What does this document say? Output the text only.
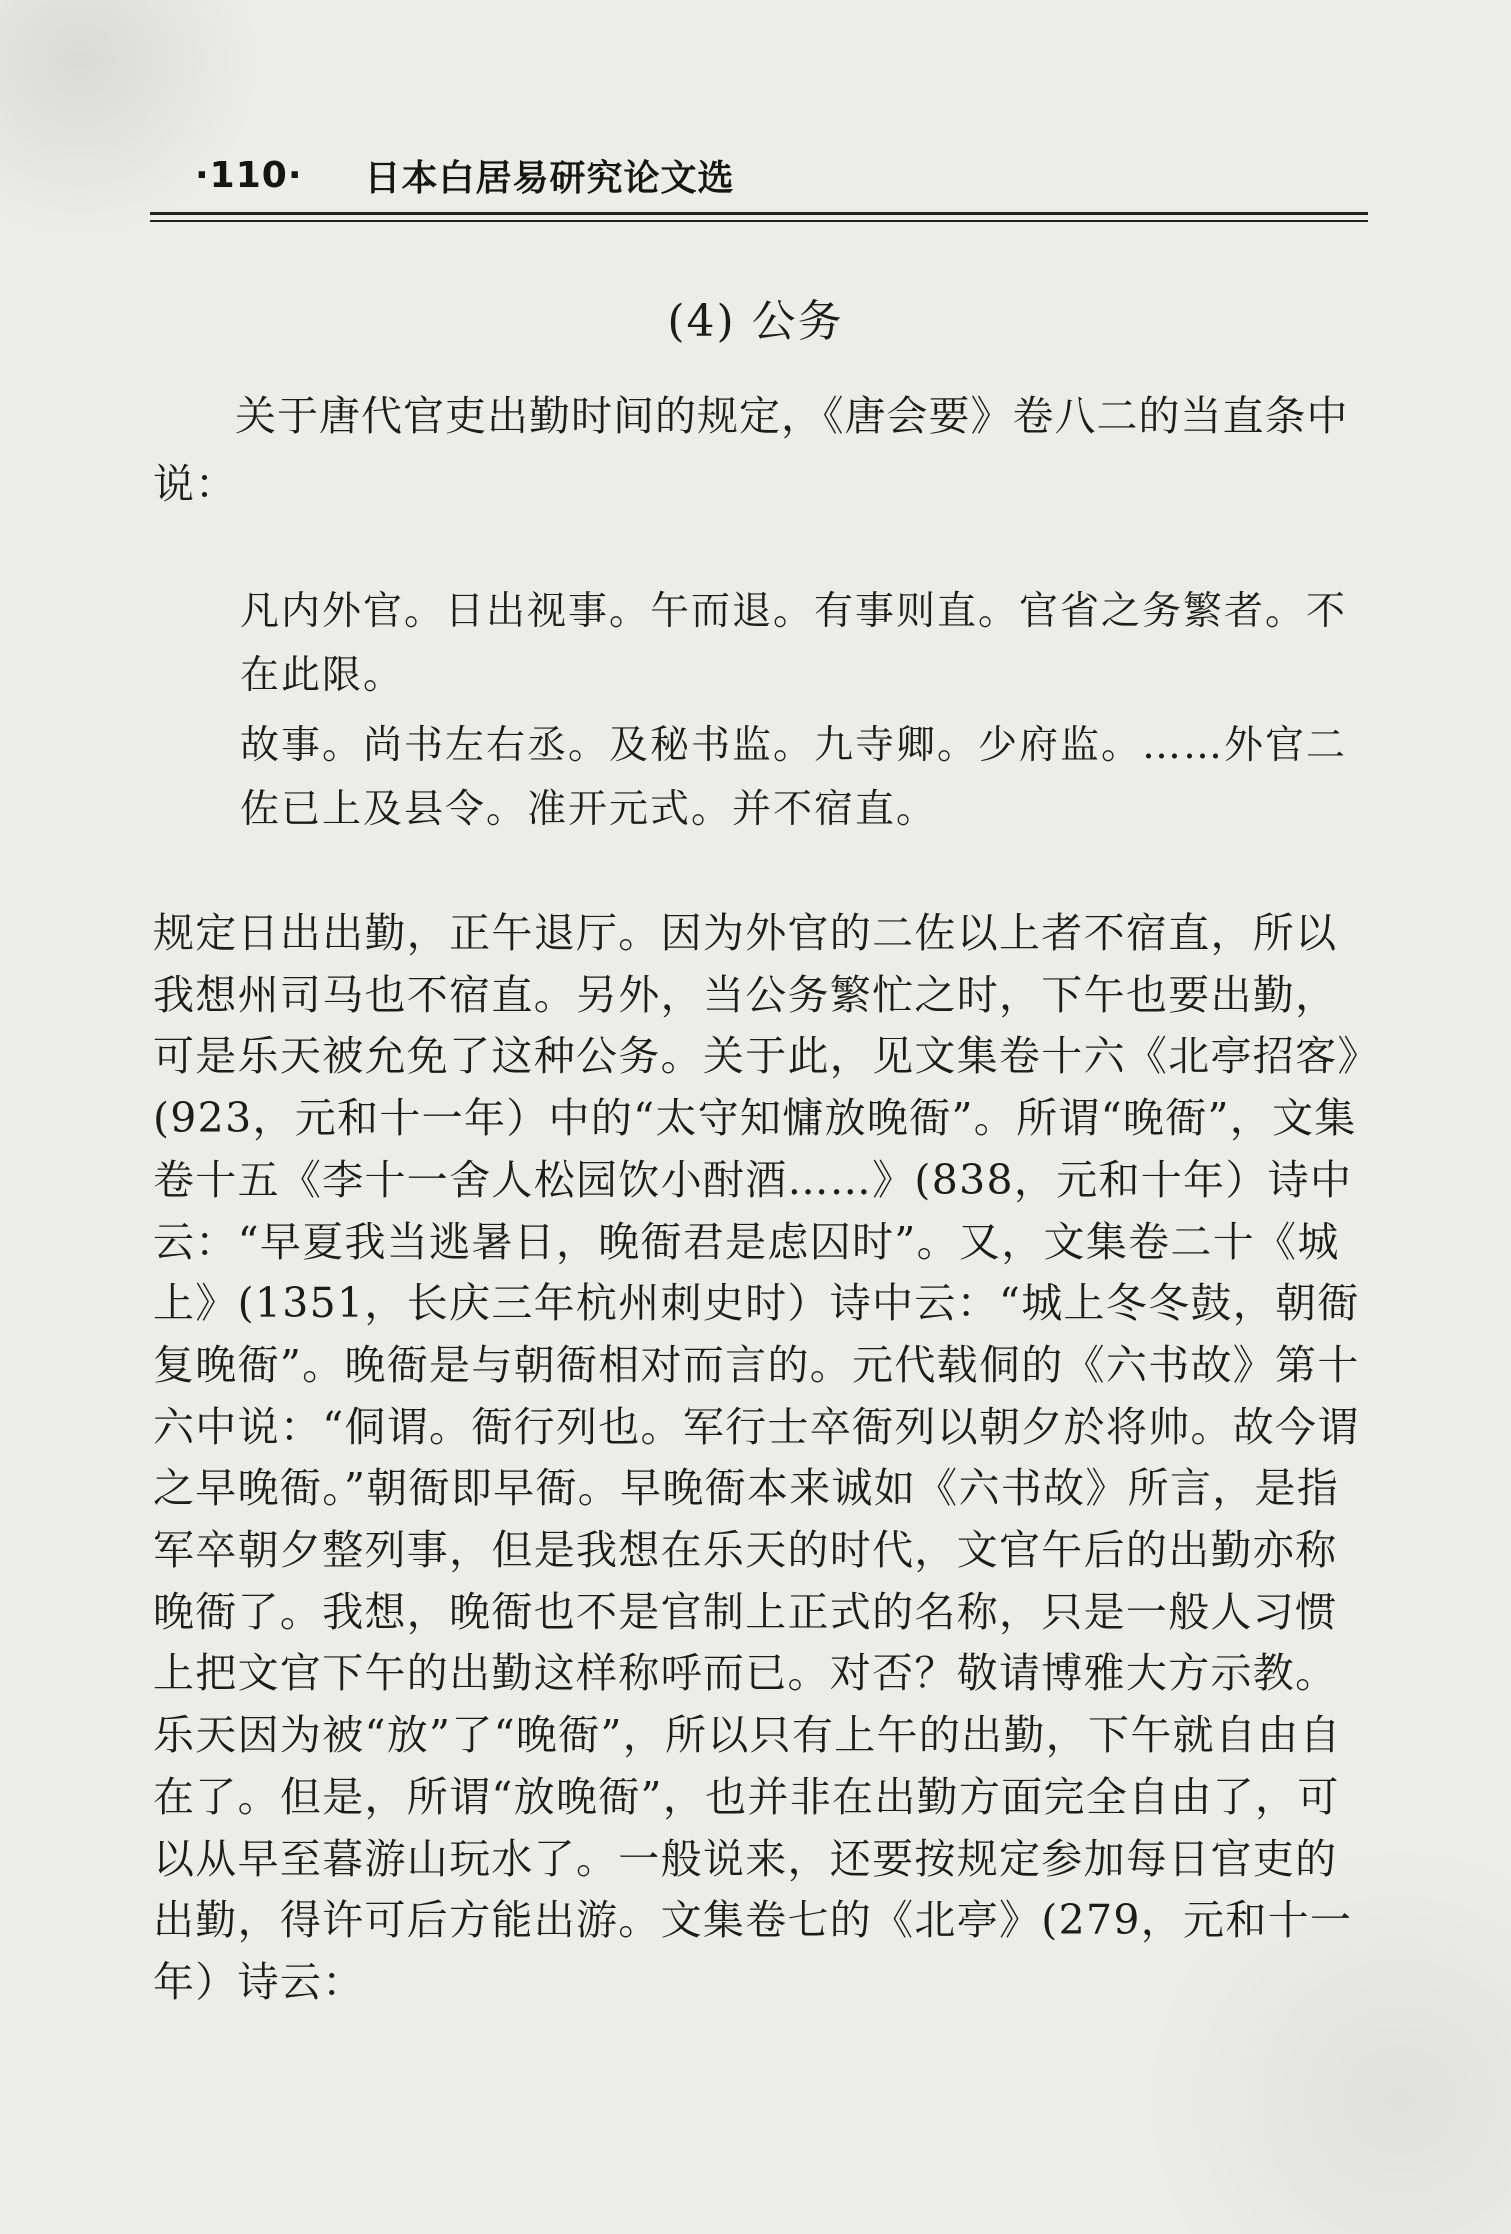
·110· 日本白居易研究论文选
(4) 公务

关于唐代官吏出勤时间的规定，《唐会要》卷八二的当直条中说：

凡内外官。日出视事。午而退。有事则直。官省之务繁者。不在此限。

故事。尚书左右丞。及秘书监。九寺卿。少府监。……外官二佐已上及县令。准开元式。并不宿直。

规定日出出勤，正午退厅。因为外官的二佐以上者不宿直，所以我想州司马也不宿直。另外，当公务繁忙之时，下午也要出勤，可是乐天被允免了这种公务。关于此，见文集卷十六《北亭招客》(923，元和十一年）中的“太守知慵放晚衙”。所谓“晚衙”，文集卷十五《李十一舍人松园饮小酎酒……》(838，元和十年）诗中云：“早夏我当逃暑日，晚衙君是虑囚时”。又，文集卷二十《城上》(1351，长庆三年杭州刺史时）诗中云：“城上冬冬鼓，朝衙复晚衙”。晚衙是与朝衙相对而言的。元代载侗的《六书故》第十六中说：“侗谓。衙行列也。军行士卒衙列以朝夕於将帅。故今谓之早晚衙。”朝衙即早衙。早晚衙本来诚如《六书故》所言，是指军卒朝夕整列事，但是我想在乐天的时代，文官午后的出勤亦称晚衙了。我想，晚衙也不是官制上正式的名称，只是一般人习惯上把文官下午的出勤这样称呼而已。对否？敬请博雅大方示教。乐天因为被“放”了“晚衙”，所以只有上午的出勤，下午就自由自在了。但是，所谓“放晚衙”，也并非在出勤方面完全自由了，可以从早至暮游山玩水了。一般说来，还要按规定参加每日官吏的出勤，得许可后方能出游。文集卷七的《北亭》(279，元和十一年）诗云：
